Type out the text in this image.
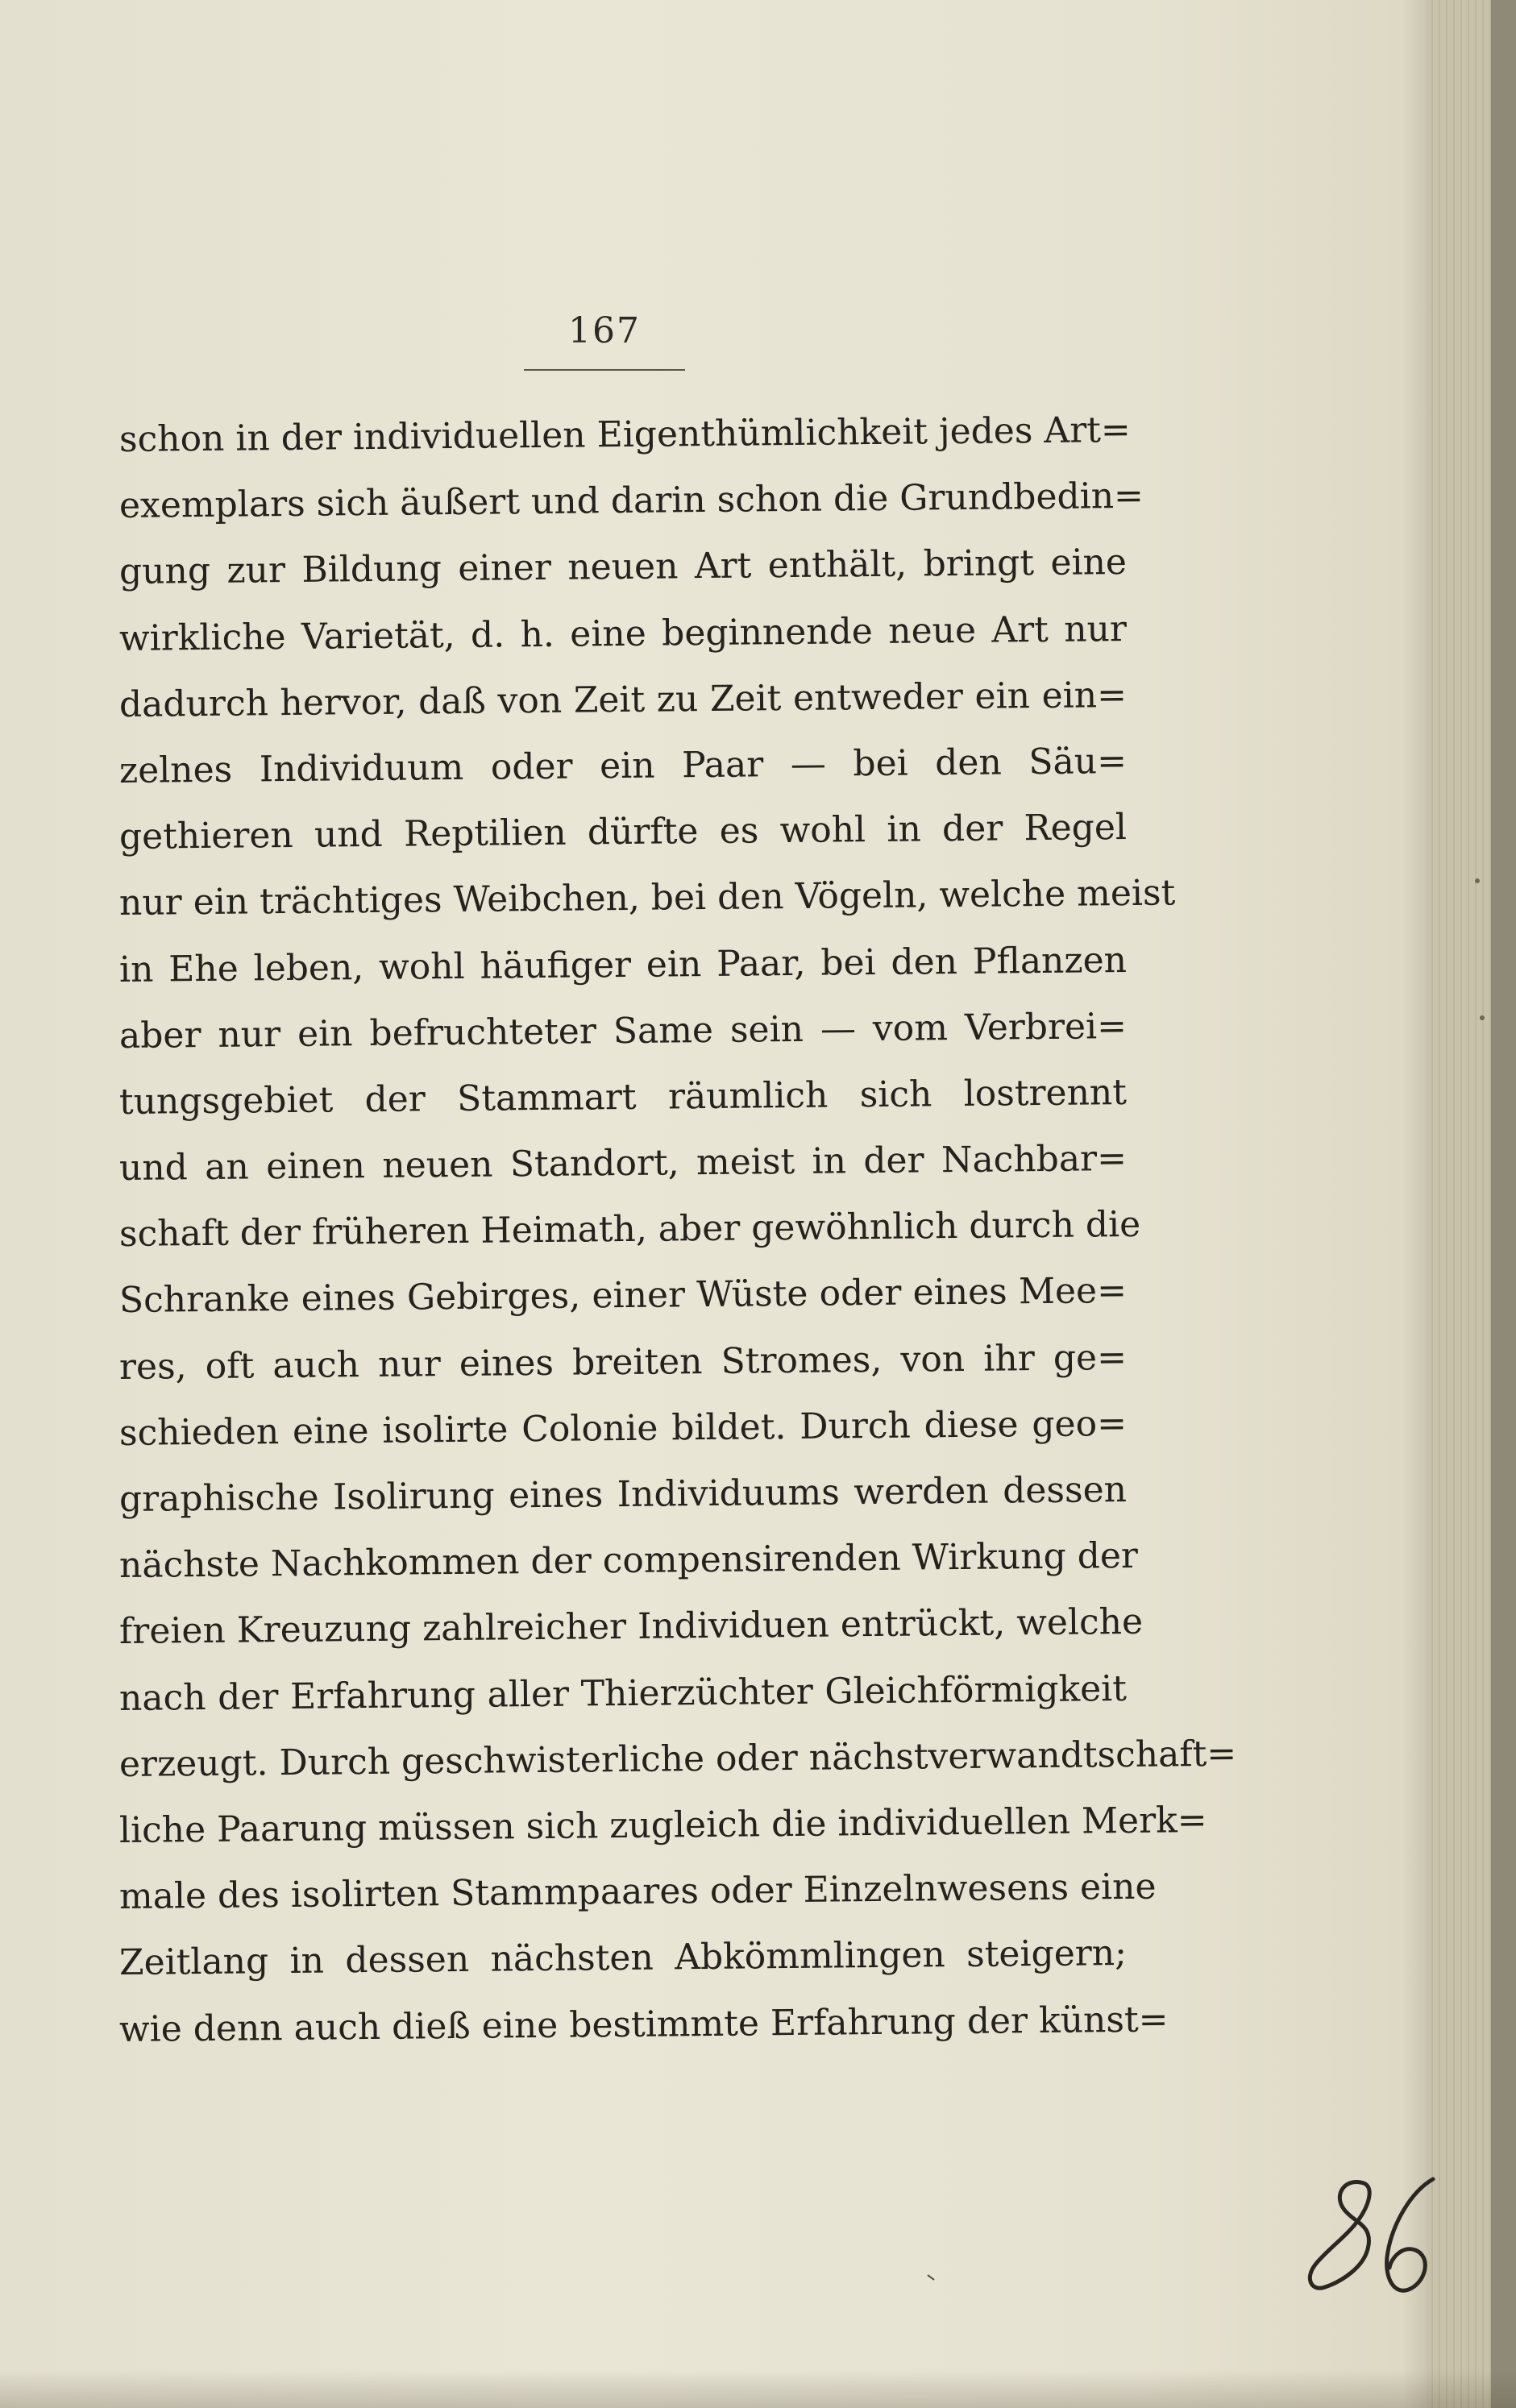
167
schon in der individuellen Eigenthümlichkeit jedes Art=
exemplars sich äußert und darin schon die Grundbedin=
gung zur Bildung einer neuen Art enthält, bringt eine
wirkliche Varietät, d. h. eine beginnende neue Art nur
dadurch hervor, daß von Zeit zu Zeit entweder ein ein=
zelnes Individuum oder ein Paar — bei den Säu=
gethieren und Reptilien dürfte es wohl in der Regel
nur ein trächtiges Weibchen, bei den Vögeln, welche meist
in Ehe leben, wohl häufiger ein Paar, bei den Pflanzen
aber nur ein befruchteter Same sein — vom Verbrei=
tungsgebiet der Stammart räumlich sich lostrennt
und an einen neuen Standort, meist in der Nachbar=
schaft der früheren Heimath, aber gewöhnlich durch die
Schranke eines Gebirges, einer Wüste oder eines Mee=
res, oft auch nur eines breiten Stromes, von ihr ge=
schieden eine isolirte Colonie bildet. Durch diese geo=
graphische Isolirung eines Individuums werden dessen
nächste Nachkommen der compensirenden Wirkung der
freien Kreuzung zahlreicher Individuen entrückt, welche
nach der Erfahrung aller Thierzüchter Gleichförmigkeit
erzeugt. Durch geschwisterliche oder nächstverwandtschaft=
liche Paarung müssen sich zugleich die individuellen Merk=
male des isolirten Stammpaares oder Einzelnwesens eine
Zeitlang in dessen nächsten Abkömmlingen steigern;
wie denn auch dieß eine bestimmte Erfahrung der künst=
